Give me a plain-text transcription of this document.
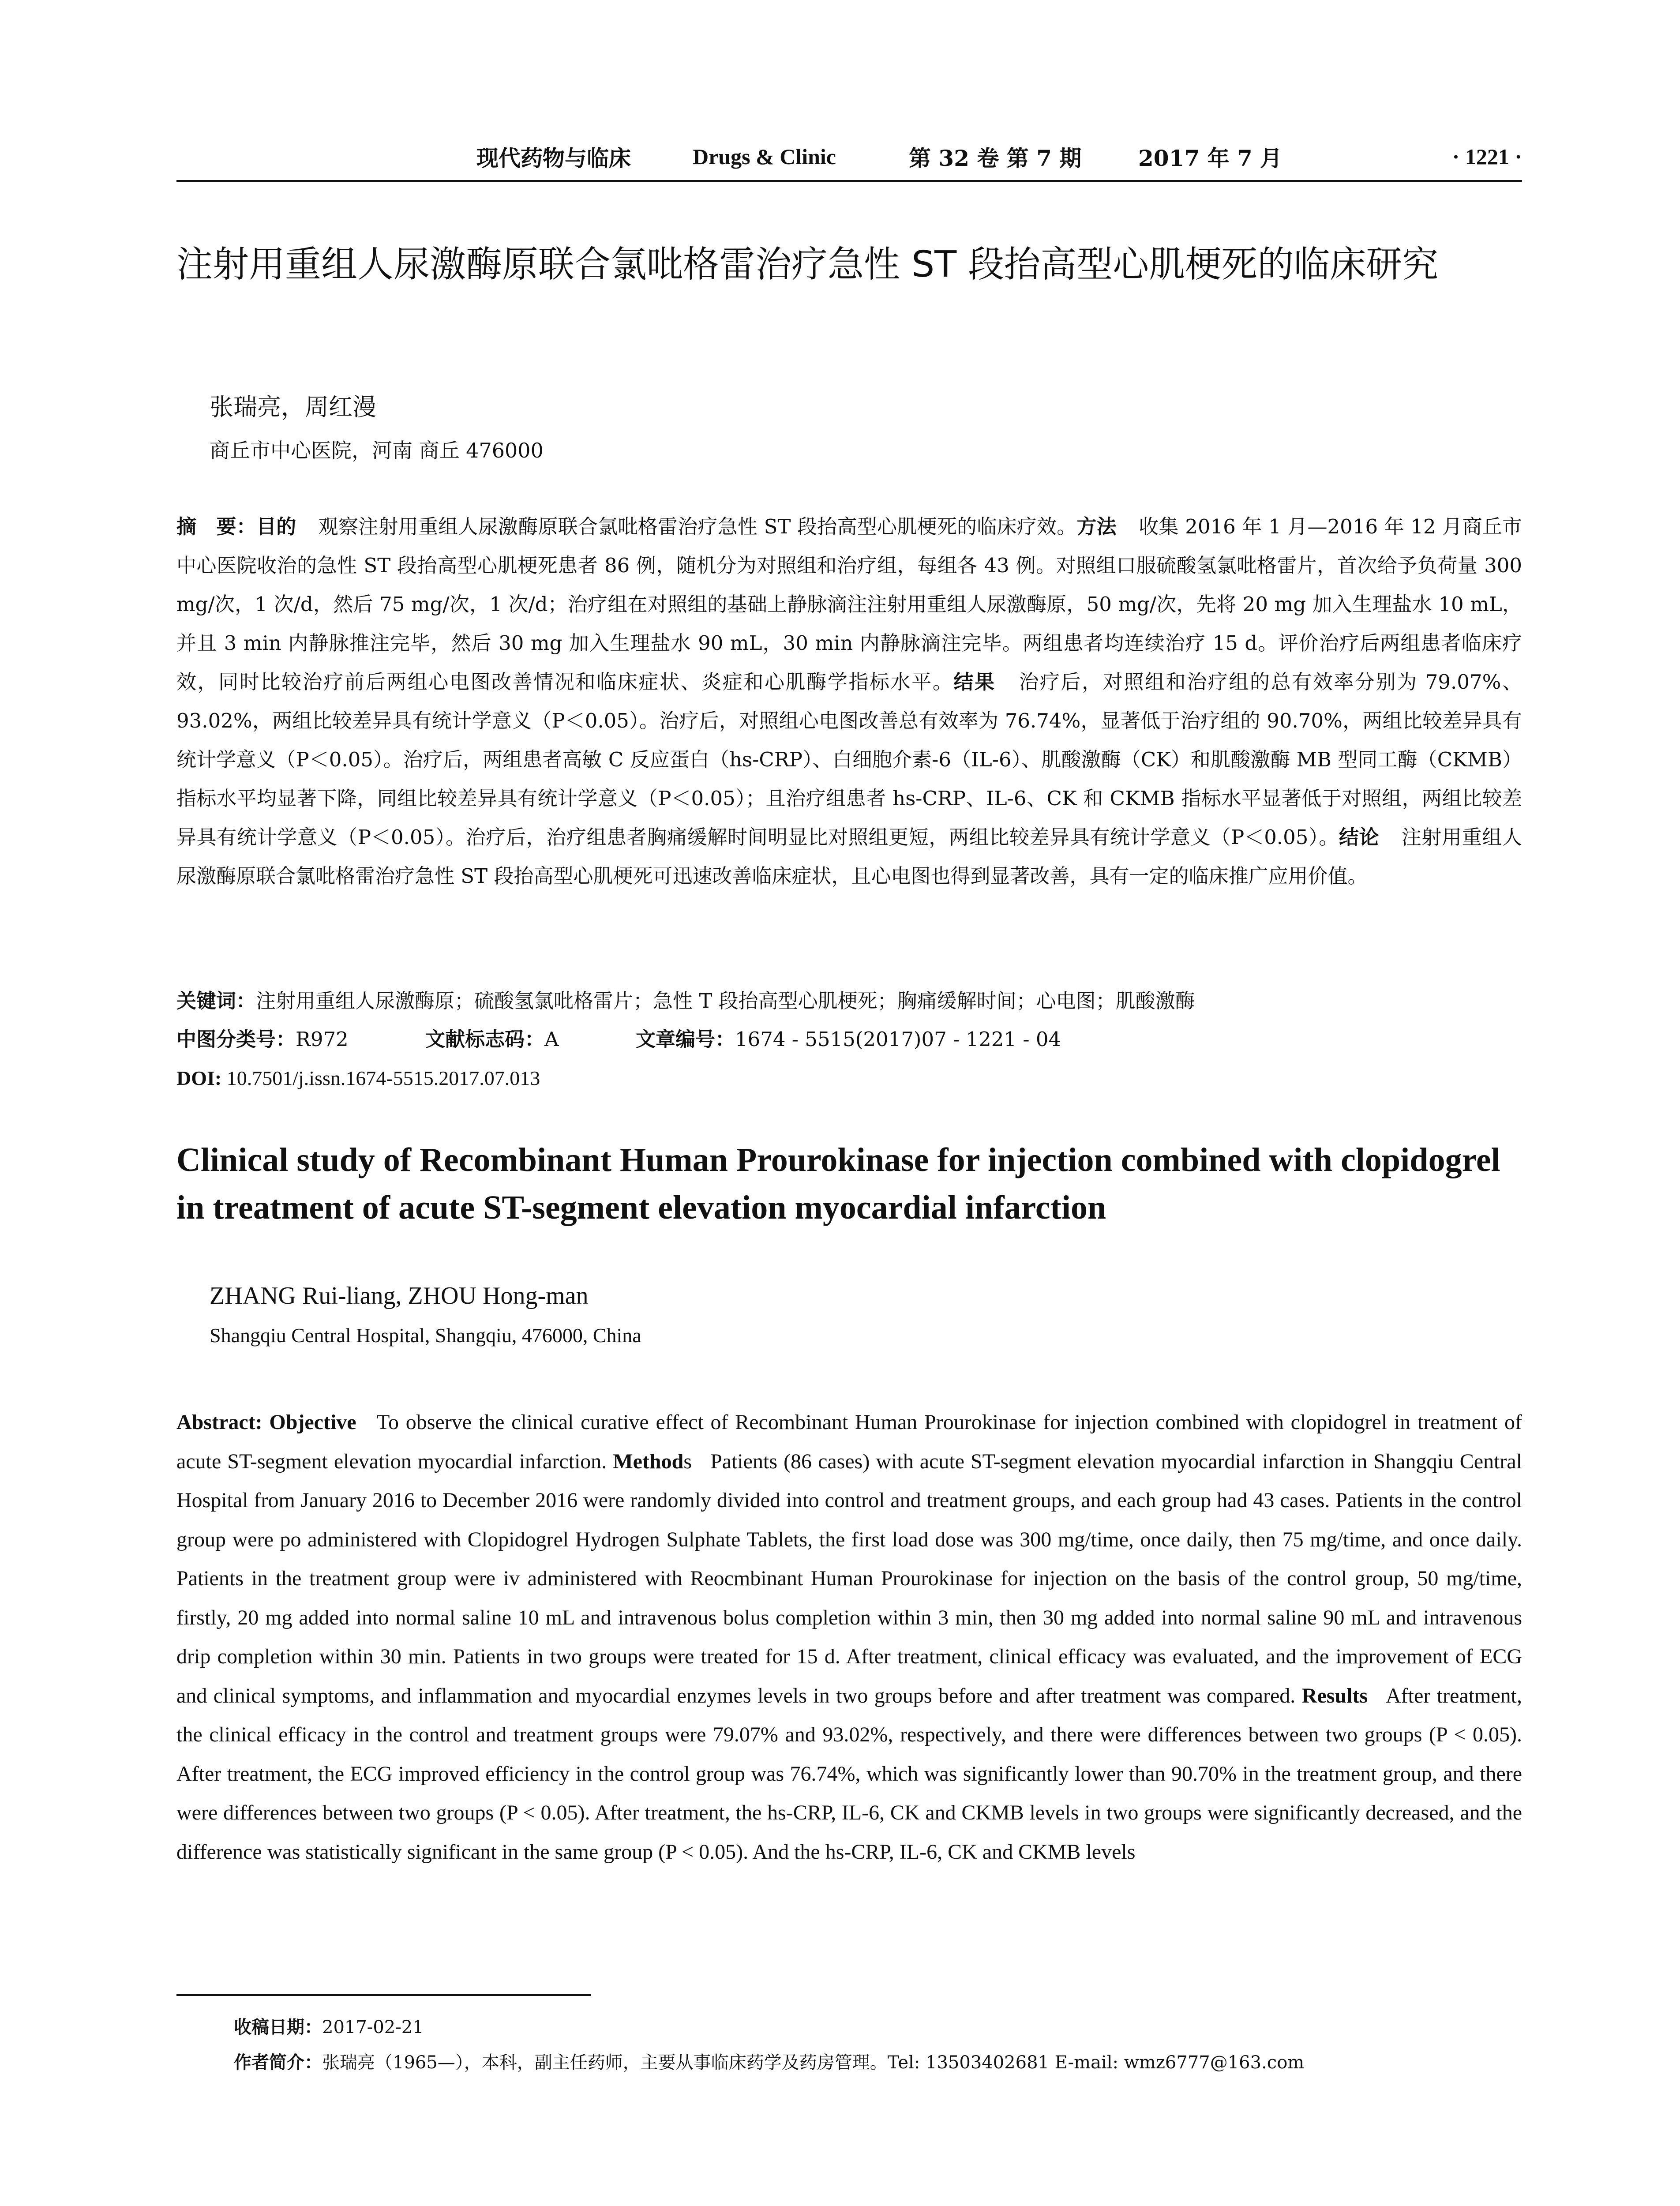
现代药物与临床	Drugs & Clinic	第 32 卷 第 7 期	2017 年 7 月	· 1221 ·
注射用重组人尿激酶原联合氯吡格雷治疗急性 ST 段抬高型心肌梗死的临床研究
张瑞亮，周红漫
商丘市中心医院，河南 商丘 476000
摘　要：目的 观察注射用重组人尿激酶原联合氯吡格雷治疗急性 ST 段抬高型心肌梗死的临床疗效。方法 收集 2016 年 1 月—2016 年 12 月商丘市中心医院收治的急性 ST 段抬高型心肌梗死患者 86 例，随机分为对照组和治疗组，每组各 43 例。对照组口服硫酸氢氯吡格雷片，首次给予负荷量 300 mg/次，1 次/d，然后 75 mg/次，1 次/d；治疗组在对照组的基础上静脉滴注注射用重组人尿激酶原，50 mg/次，先将 20 mg 加入生理盐水 10 mL，并且 3 min 内静脉推注完毕，然后 30 mg 加入生理盐水 90 mL，30 min 内静脉滴注完毕。两组患者均连续治疗 15 d。评价治疗后两组患者临床疗效，同时比较治疗前后两组心电图改善情况和临床症状、炎症和心肌酶学指标水平。结果 治疗后，对照组和治疗组的总有效率分别为 79.07%、93.02%，两组比较差异具有统计学意义（P＜0.05）。治疗后，对照组心电图改善总有效率为 76.74%，显著低于治疗组的 90.70%，两组比较差异具有统计学意义（P＜0.05）。治疗后，两组患者高敏 C 反应蛋白（hs-CRP）、白细胞介素-6（IL-6）、肌酸激酶（CK）和肌酸激酶 MB 型同工酶（CKMB）指标水平均显著下降，同组比较差异具有统计学意义（P＜0.05）；且治疗组患者 hs-CRP、IL-6、CK 和 CKMB 指标水平显著低于对照组，两组比较差异具有统计学意义（P＜0.05）。治疗后，治疗组患者胸痛缓解时间明显比对照组更短，两组比较差异具有统计学意义（P＜0.05）。结论 注射用重组人尿激酶原联合氯吡格雷治疗急性 ST 段抬高型心肌梗死可迅速改善临床症状，且心电图也得到显著改善，具有一定的临床推广应用价值。
关键词：注射用重组人尿激酶原；硫酸氢氯吡格雷片；急性 T 段抬高型心肌梗死；胸痛缓解时间；心电图；肌酸激酶
中图分类号：R972	文献标志码：A	文章编号：1674 - 5515(2017)07 - 1221 - 04
DOI: 10.7501/j.issn.1674-5515.2017.07.013
Clinical study of Recombinant Human Prourokinase for injection combined with clopidogrel in treatment of acute ST-segment elevation myocardial infarction
ZHANG Rui-liang, ZHOU Hong-man
Shangqiu Central Hospital, Shangqiu, 476000, China
Abstract: Objective To observe the clinical curative effect of Recombinant Human Prourokinase for injection combined with clopidogrel in treatment of acute ST-segment elevation myocardial infarction. Methods Patients (86 cases) with acute ST-segment elevation myocardial infarction in Shangqiu Central Hospital from January 2016 to December 2016 were randomly divided into control and treatment groups, and each group had 43 cases. Patients in the control group were po administered with Clopidogrel Hydrogen Sulphate Tablets, the first load dose was 300 mg/time, once daily, then 75 mg/time, and once daily. Patients in the treatment group were iv administered with Reocmbinant Human Prourokinase for injection on the basis of the control group, 50 mg/time, firstly, 20 mg added into normal saline 10 mL and intravenous bolus completion within 3 min, then 30 mg added into normal saline 90 mL and intravenous drip completion within 30 min. Patients in two groups were treated for 15 d. After treatment, clinical efficacy was evaluated, and the improvement of ECG and clinical symptoms, and inflammation and myocardial enzymes levels in two groups before and after treatment was compared. Results After treatment, the clinical efficacy in the control and treatment groups were 79.07% and 93.02%, respectively, and there were differences between two groups (P < 0.05). After treatment, the ECG improved efficiency in the control group was 76.74%, which was significantly lower than 90.70% in the treatment group, and there were differences between two groups (P < 0.05). After treatment, the hs-CRP, IL-6, CK and CKMB levels in two groups were significantly decreased, and the difference was statistically significant in the same group (P < 0.05). And the hs-CRP, IL-6, CK and CKMB levels
收稿日期：2017-02-21
作者简介：张瑞亮（1965—），本科，副主任药师，主要从事临床药学及药房管理。Tel: 13503402681 E-mail: wmz6777@163.com
